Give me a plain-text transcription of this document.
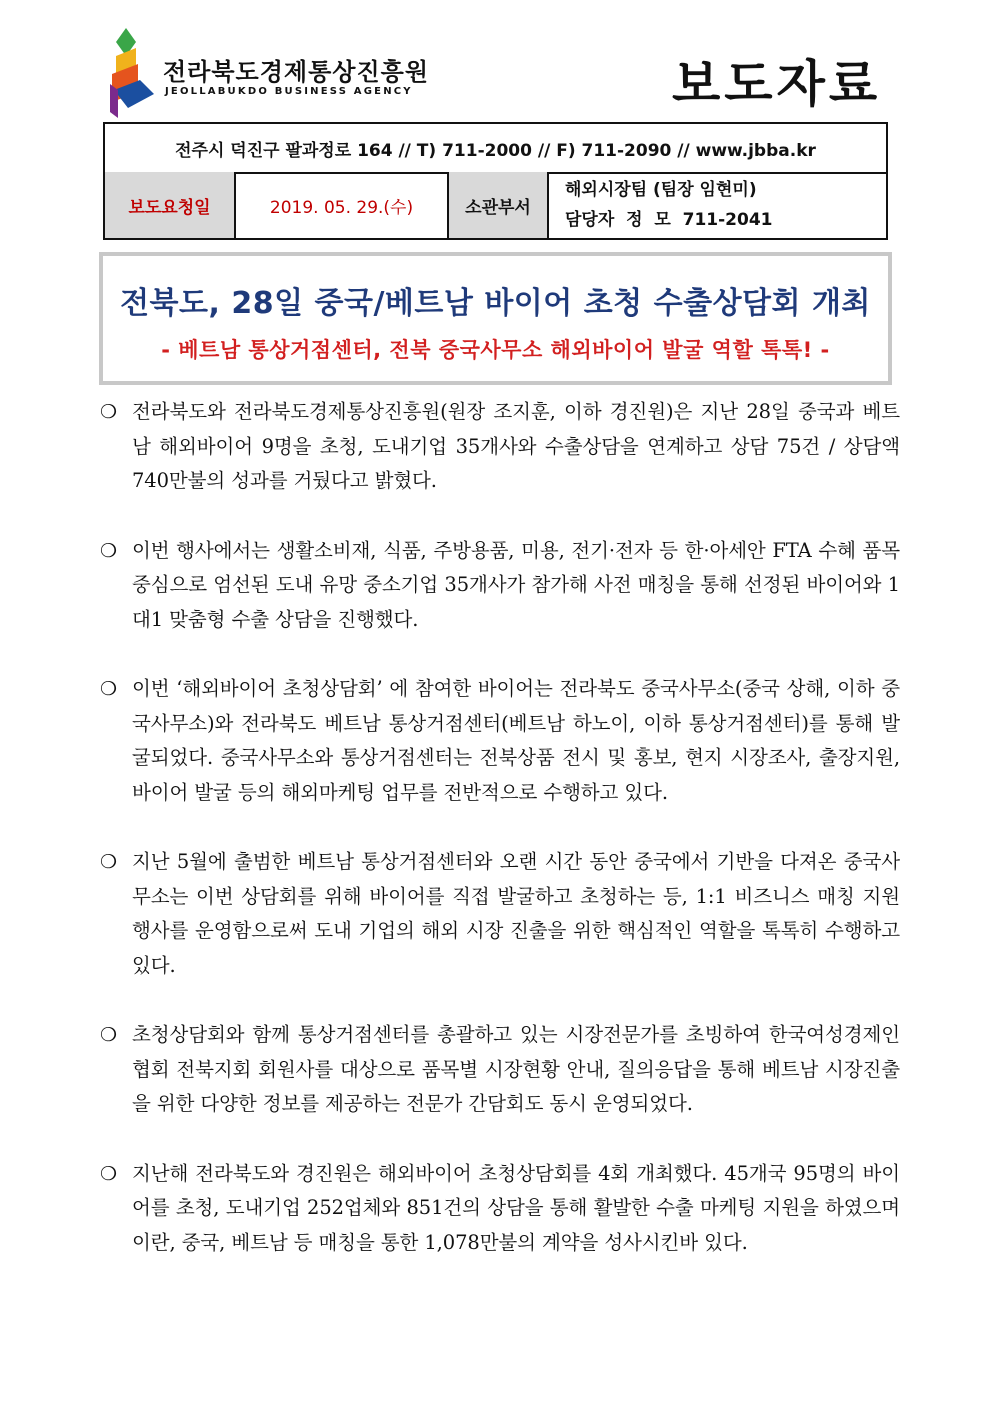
전라북도경제통상진흥원
JEOLLABUKDO BUSINESS AGENCY	보도자료
전주시 덕진구 팔과정로 164 // T) 711-2000 // F) 711-2090 // www.jbba.kr
보도요청일	2019. 05. 29.(수)	소관부서
해외시장팀 (팀장 임현미)
담당자  정  모  711-2041
전북도, 28일 중국/베트남 바이어 초청 수출상담회 개최
- 베트남 통상거점센터, 전북 중국사무소 해외바이어 발굴 역할 톡톡! -
❍ 전라북도와 전라북도경제통상진흥원(원장 조지훈, 이하 경진원)은 지난 28일 중국과 베트남 해외바이어 9명을 초청, 도내기업 35개사와 수출상담을 연계하고 상담 75건 / 상담액 740만불의 성과를 거뒀다고 밝혔다.
❍ 이번 행사에서는 생활소비재, 식품, 주방용품, 미용, 전기·전자 등 한·아세안 FTA 수혜 품목 중심으로 엄선된 도내 유망 중소기업 35개사가 참가해 사전 매칭을 통해 선정된 바이어와 1대1 맞춤형 수출 상담을 진행했다.
❍ 이번 ‘해외바이어 초청상담회’ 에 참여한 바이어는 전라북도 중국사무소(중국 상해, 이하 중국사무소)와 전라북도 베트남 통상거점센터(베트남 하노이, 이하 통상거점센터)를 통해 발굴되었다. 중국사무소와 통상거점센터는 전북상품 전시 및 홍보, 현지 시장조사, 출장지원, 바이어 발굴 등의 해외마케팅 업무를 전반적으로 수행하고 있다.
❍ 지난 5월에 출범한 베트남 통상거점센터와 오랜 시간 동안 중국에서 기반을 다져온 중국사무소는 이번 상담회를 위해 바이어를 직접 발굴하고 초청하는 등, 1:1 비즈니스 매칭 지원 행사를 운영함으로써 도내 기업의 해외 시장 진출을 위한 핵심적인 역할을 톡톡히 수행하고 있다.
❍ 초청상담회와 함께 통상거점센터를 총괄하고 있는 시장전문가를 초빙하여 한국여성경제인협회 전북지회 회원사를 대상으로 품목별 시장현황 안내, 질의응답을 통해 베트남 시장진출을 위한 다양한 정보를 제공하는 전문가 간담회도 동시 운영되었다.
❍ 지난해 전라북도와 경진원은 해외바이어 초청상담회를 4회 개최했다. 45개국 95명의 바이어를 초청, 도내기업 252업체와 851건의 상담을 통해 활발한 수출 마케팅 지원을 하였으며 이란, 중국, 베트남 등 매칭을 통한 1,078만불의 계약을 성사시킨바 있다.
